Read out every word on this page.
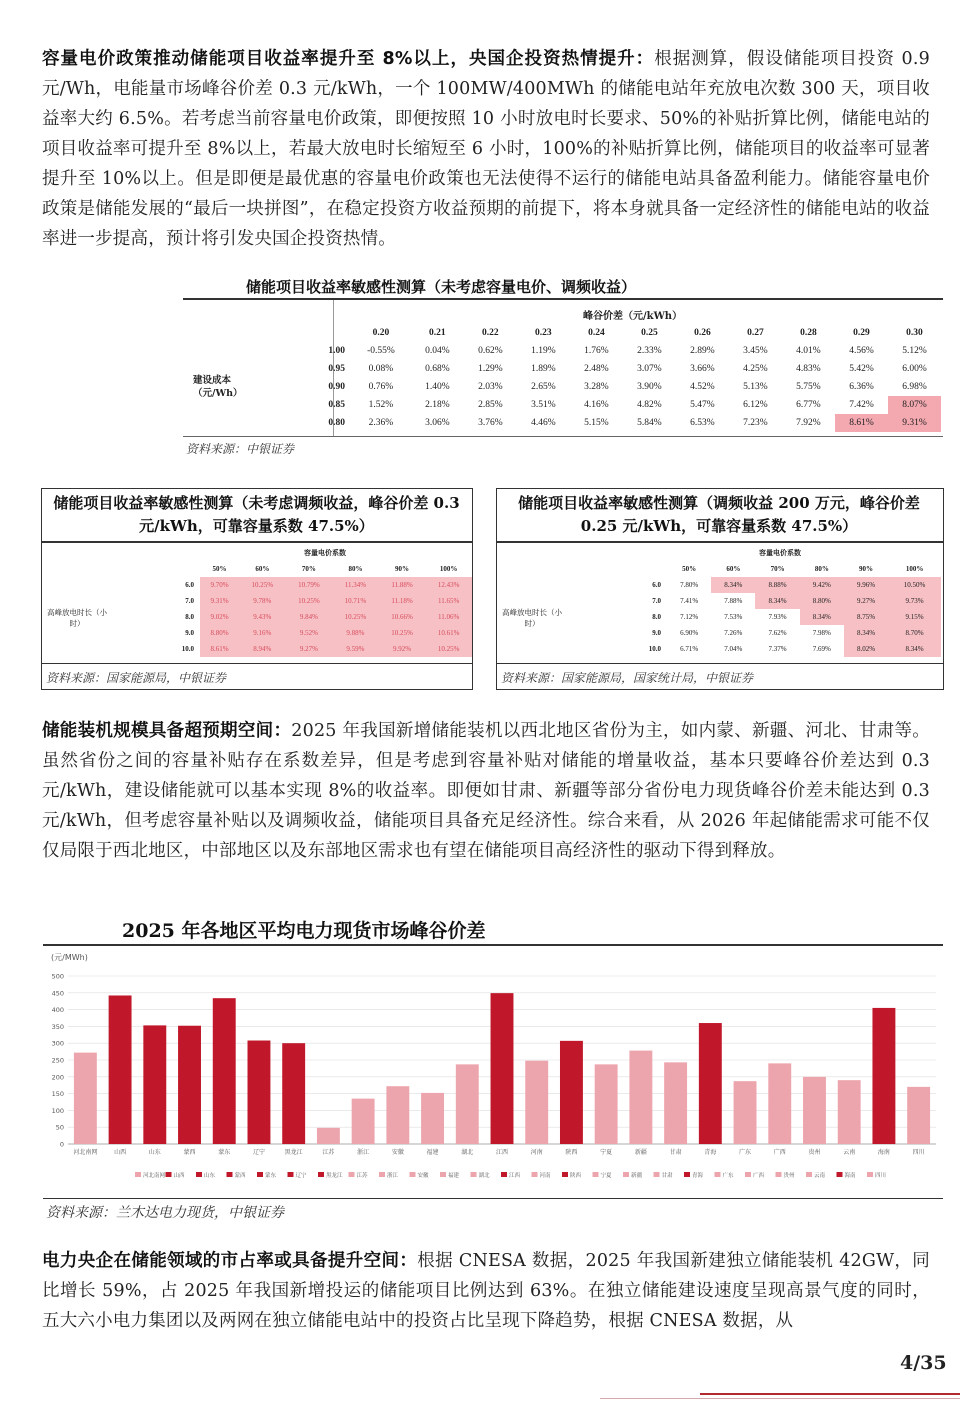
容量电价政策推动储能项目收益率提升至 8%以上，央国企投资热情提升：根据测算，假设储能项目投资 0.9 元/Wh，电能量市场峰谷价差 0.3 元/kWh，一个 100MW/400MWh 的储能电站年充放电次数 300 天，项目收益率大约 6.5%。若考虑当前容量电价政策，即便按照 10 小时放电时长要求、50%的补贴折算比例，储能电站的项目收益率可提升至 8%以上，若最大放电时长缩短至 6 小时，100%的补贴折算比例，储能项目的收益率可显著提升至 10%以上。但是即便是最优惠的容量电价政策也无法使得不运行的储能电站具备盈利能力。储能容量电价政策是储能发展的“最后一块拼图”，在稳定投资方收益预期的前提下，将本身就具备一定经济性的储能电站的收益率进一步提高，预计将引发央国企投资热情。
储能项目收益率敏感性测算（未考虑容量电价、调频收益）
峰谷价差（元/kWh）
建设成本（元/Wh）
	0.20	0.21	0.22	0.23	0.24	0.25	0.26	0.27	0.28	0.29	0.30
1.00	-0.55%	0.04%	0.62%	1.19%	1.76%	2.33%	2.89%	3.45%	4.01%	4.56%	5.12%
0.95	0.08%	0.68%	1.29%	1.89%	2.48%	3.07%	3.66%	4.25%	4.83%	5.42%	6.00%
0.90	0.76%	1.40%	2.03%	2.65%	3.28%	3.90%	4.52%	5.13%	5.75%	6.36%	6.98%
0.85	1.52%	2.18%	2.85%	3.51%	4.16%	4.82%	5.47%	6.12%	6.77%	7.42%	8.07%
0.80	2.36%	3.06%	3.76%	4.46%	5.15%	5.84%	6.53%	7.23%	7.92%	8.61%	9.31%
资料来源：中银证券
储能项目收益率敏感性测算（未考虑调频收益，峰谷价差 0.3 元/kWh，可靠容量系数 47.5%）
容量电价系数
高峰放电时长（小时）
	50%	60%	70%	80%	90%	100%
6.0	9.70%	10.25%	10.79%	11.34%	11.88%	12.43%
7.0	9.31%	9.78%	10.25%	10.71%	11.18%	11.65%
8.0	9.02%	9.43%	9.84%	10.25%	10.66%	11.06%
9.0	8.80%	9.16%	9.52%	9.88%	10.25%	10.61%
10.0	8.61%	8.94%	9.27%	9.59%	9.92%	10.25%
资料来源：国家能源局，中银证券
储能项目收益率敏感性测算（调频收益 200 万元，峰谷价差 0.25 元/kWh，可靠容量系数 47.5%）
容量电价系数
高峰放电时长（小时）
	50%	60%	70%	80%	90%	100%
6.0	7.80%	8.34%	8.88%	9.42%	9.96%	10.50%
7.0	7.41%	7.88%	8.34%	8.80%	9.27%	9.73%
8.0	7.12%	7.53%	7.93%	8.34%	8.75%	9.15%
9.0	6.90%	7.26%	7.62%	7.98%	8.34%	8.70%
10.0	6.71%	7.04%	7.37%	7.69%	8.02%	8.34%
资料来源：国家能源局，国家统计局，中银证券
储能装机规模具备超预期空间：2025 年我国新增储能装机以西北地区省份为主，如内蒙、新疆、河北、甘肃等。虽然省份之间的容量补贴存在系数差异，但是考虑到容量补贴对储能的增量收益，基本只要峰谷价差达到 0.3 元/kWh，建设储能就可以基本实现 8%的收益率。即便如甘肃、新疆等部分省份电力现货峰谷价差未能达到 0.3 元/kWh，但考虑容量补贴以及调频收益，储能项目具备充足经济性。综合来看，从 2026 年起储能需求可能不仅仅局限于西北地区，中部地区以及东部地区需求也有望在储能项目高经济性的驱动下得到释放。
2025 年各地区平均电力现货市场峰谷价差
(元/MWh)
0
50
100
150
200
250
300
350
400
450
500
河北南网	山西	山东	蒙西	蒙东	辽宁	黑龙江	江苏	浙江	安徽	福建	湖北	江西	河南	陕西	宁夏	新疆	甘肃	青海	广东	广西	贵州	云南	海南	四川
河北南网 山西	山东	蒙西	蒙东	辽宁	黑龙江	江苏	浙江	安徽	福建	湖北	江西	河南	陕西	宁夏	新疆	甘肃	青海	广东	广西	贵州	云南	海南	四川
资料来源：兰木达电力现货，中银证券
电力央企在储能领域的市占率或具备提升空间：根据 CNESA 数据，2025 年我国新建独立储能装机 42GW，同比增长 59%，占 2025 年我国新增投运的储能项目比例达到 63%。在独立储能建设速度呈现高景气度的同时，五大六小电力集团以及两网在独立储能电站中的投资占比呈现下降趋势，根据 CNESA 数据，从
4/35
